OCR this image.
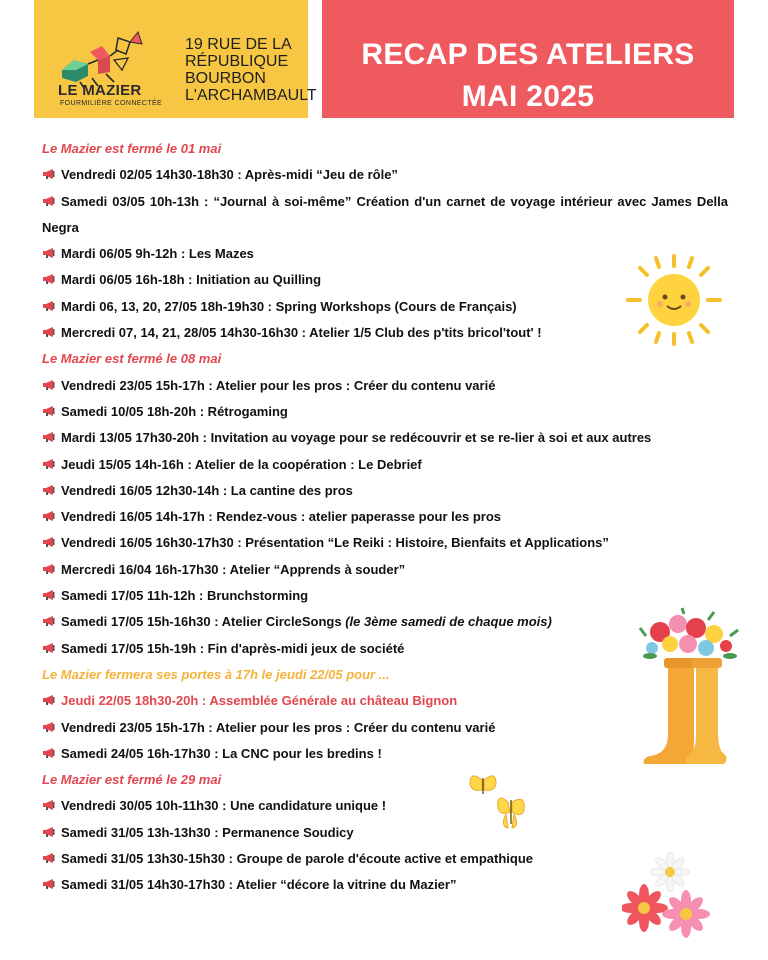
LE MAZIER
FOURMILIÈRE CONNECTÉE
19 RUE DE LA
RÉPUBLIQUE
BOURBON
L'ARCHAMBAULT
RECAP DES ATELIERS
MAI 2025
Le Mazier est fermé le 01 mai
Vendredi 02/05 14h30-18h30 : Après-midi “Jeu de rôle”
Samedi 03/05 10h-13h : “Journal à soi-même” Création d'un carnet de voyage intérieur avec James Della Negra
Mardi 06/05 9h-12h : Les Mazes
Mardi 06/05 16h-18h : Initiation au Quilling
Mardi 06, 13, 20, 27/05 18h-19h30 : Spring Workshops (Cours de Français)
Mercredi 07, 14, 21, 28/05 14h30-16h30 : Atelier 1/5 Club des p'tits bricol'tout' !
Le Mazier est fermé le 08 mai
Vendredi 23/05 15h-17h : Atelier pour les pros : Créer du contenu varié
Samedi 10/05 18h-20h : Rétrogaming
Mardi 13/05 17h30-20h : Invitation au voyage pour se redécouvrir et se re-lier à soi et aux autres
Jeudi 15/05 14h-16h : Atelier de la coopération : Le Debrief
Vendredi 16/05 12h30-14h : La cantine des pros
Vendredi 16/05 14h-17h : Rendez-vous : atelier paperasse pour les pros
Vendredi 16/05 16h30-17h30 : Présentation “Le Reiki : Histoire, Bienfaits et Applications”
Mercredi 16/04 16h-17h30 : Atelier “Apprends à souder”
Samedi 17/05 11h-12h : Brunchstorming
Samedi 17/05 15h-16h30 : Atelier CircleSongs (le 3ème samedi de chaque mois)
Samedi 17/05 15h-19h : Fin d'après-midi jeux de société
Le Mazier fermera ses portes à 17h le jeudi 22/05 pour ...
Jeudi 22/05 18h30-20h : Assemblée Générale au château Bignon
Vendredi 23/05 15h-17h : Atelier pour les pros : Créer du contenu varié
Samedi 24/05 16h-17h30 : La CNC pour les bredins !
Le Mazier est fermé le 29 mai
Vendredi 30/05 10h-11h30 : Une candidature unique !
Samedi 31/05 13h-13h30 : Permanence Soudicy
Samedi 31/05 13h30-15h30 : Groupe de parole d'écoute active et empathique
Samedi 31/05 14h30-17h30 : Atelier “décore la vitrine du Mazier”
